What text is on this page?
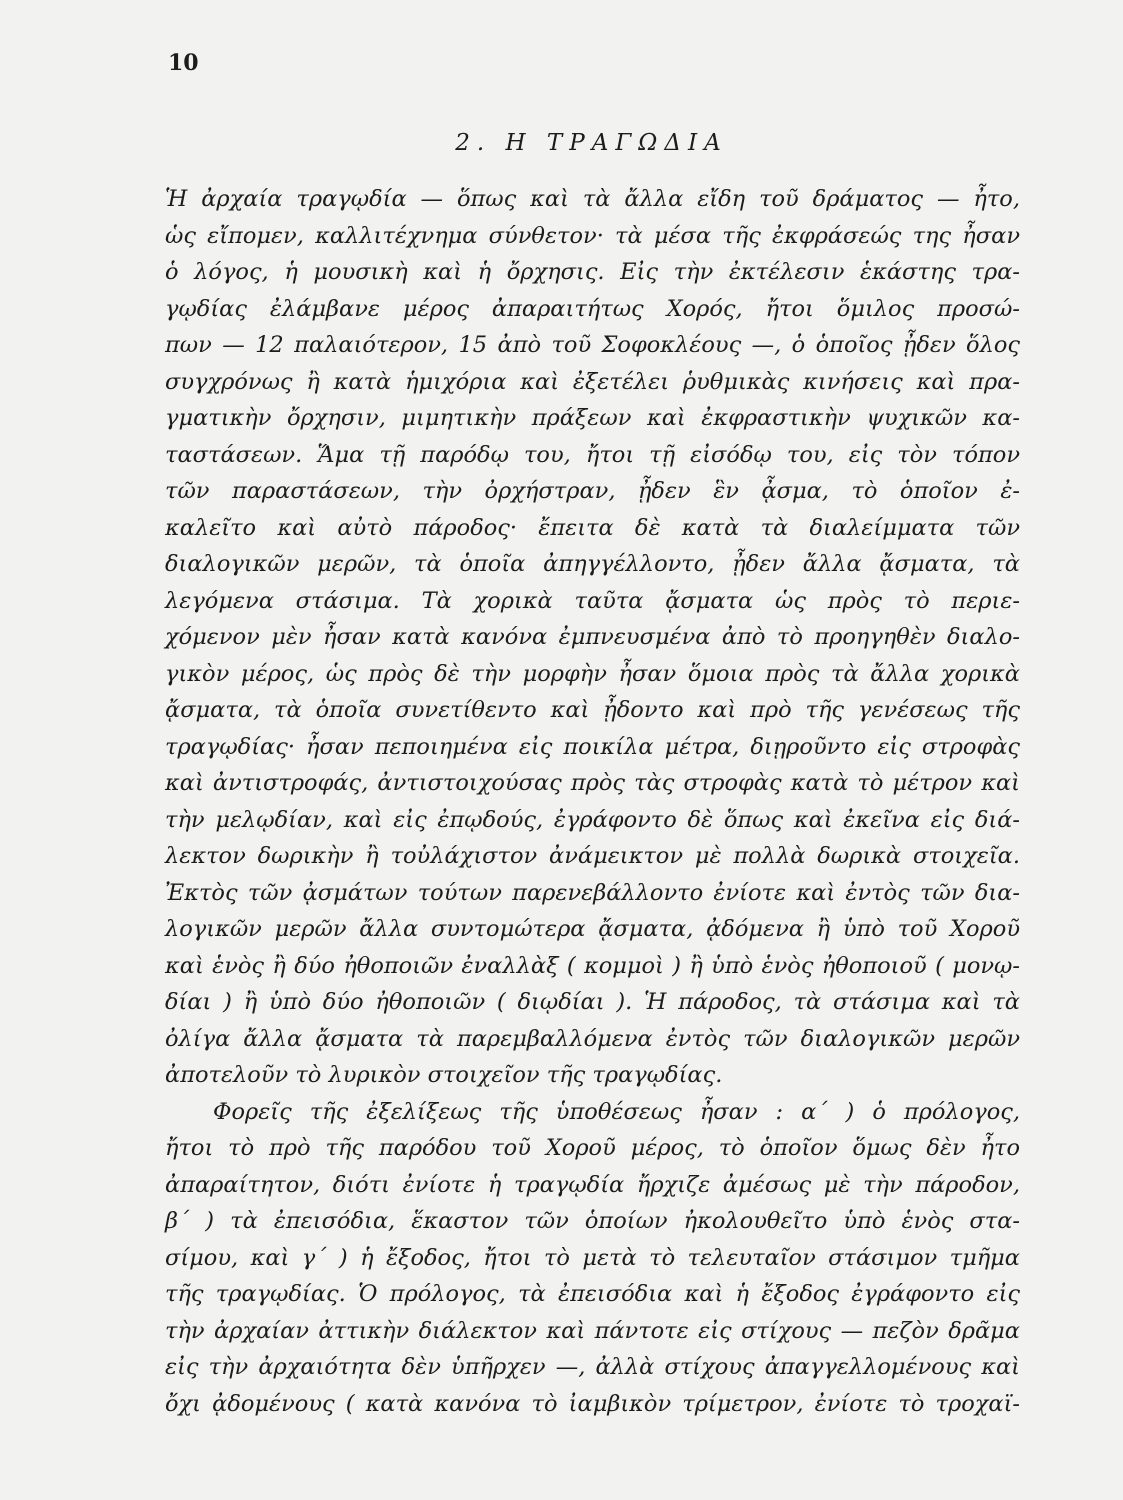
10
2. Η ΤΡΑΓΩΔΙΑ
Ἡ ἀρχαία τραγῳδία — ὅπως καὶ τὰ ἄλλα εἴδη τοῦ δράματος — ἦτο,
ὡς εἴπομεν, καλλιτέχνημα σύνθετον· τὰ μέσα τῆς ἐκφράσεώς της ἦσαν
ὁ λόγος, ἡ μουσικὴ καὶ ἡ ὄρχησις. Εἰς τὴν ἐκτέλεσιν ἑκάστης τρα-
γῳδίας ἐλάμβανε μέρος ἀπαραιτήτως Χορός, ἤτοι ὅμιλος προσώ-
πων — 12 παλαιότερον, 15 ἀπὸ τοῦ Σοφοκλέους —, ὁ ὁποῖος ᾖδεν ὅλος
συγχρόνως ἢ κατὰ ἡμιχόρια καὶ ἐξετέλει ῥυθμικὰς κινήσεις καὶ πρα-
γματικὴν ὄρχησιν, μιμητικὴν πράξεων καὶ ἐκφραστικὴν ψυχικῶν κα-
ταστάσεων. Ἅμα τῇ παρόδῳ του, ἤτοι τῇ εἰσόδῳ του, εἰς τὸν τόπον
τῶν παραστάσεων, τὴν ὀρχήστραν, ᾖδεν ἓν ᾆσμα, τὸ ὁποῖον ἐ-
καλεῖτο καὶ αὐτὸ πάροδος· ἔπειτα δὲ κατὰ τὰ διαλείμματα τῶν
διαλογικῶν μερῶν, τὰ ὁποῖα ἀπηγγέλλοντο, ᾖδεν ἄλλα ᾄσματα, τὰ
λεγόμενα στάσιμα. Τὰ χορικὰ ταῦτα ᾄσματα ὡς πρὸς τὸ περιε-
χόμενον μὲν ἦσαν κατὰ κανόνα ἐμπνευσμένα ἀπὸ τὸ προηγηθὲν διαλο-
γικὸν μέρος, ὡς πρὸς δὲ τὴν μορφὴν ἦσαν ὅμοια πρὸς τὰ ἄλλα χορικὰ
ᾄσματα, τὰ ὁποῖα συνετίθεντο καὶ ᾖδοντο καὶ πρὸ τῆς γενέσεως τῆς
τραγῳδίας· ἦσαν πεποιημένα εἰς ποικίλα μέτρα, διῃροῦντο εἰς στροφὰς
καὶ ἀντιστροφάς, ἀντιστοιχούσας πρὸς τὰς στροφὰς κατὰ τὸ μέτρον καὶ
τὴν μελῳδίαν, καὶ εἰς ἐπῳδούς, ἐγράφοντο δὲ ὅπως καὶ ἐκεῖνα εἰς διά-
λεκτον δωρικὴν ἢ τοὐλάχιστον ἀνάμεικτον μὲ πολλὰ δωρικὰ στοιχεῖα.
Ἐκτὸς τῶν ᾀσμάτων τούτων παρενεβάλλοντο ἐνίοτε καὶ ἐντὸς τῶν δια-
λογικῶν μερῶν ἄλλα συντομώτερα ᾄσματα, ᾀδόμενα ἢ ὑπὸ τοῦ Χοροῦ
καὶ ἑνὸς ἢ δύο ἠθοποιῶν ἐναλλὰξ ( κομμοὶ ) ἢ ὑπὸ ἑνὸς ἠθοποιοῦ ( μονῳ-
δίαι ) ἢ ὑπὸ δύο ἠθοποιῶν ( διῳδίαι ). Ἡ πάροδος, τὰ στάσιμα καὶ τὰ
ὀλίγα ἄλλα ᾄσματα τὰ παρεμβαλλόμενα ἐντὸς τῶν διαλογικῶν μερῶν
ἀποτελοῦν τὸ λυρικὸν στοιχεῖον τῆς τραγῳδίας.
Φορεῖς τῆς ἐξελίξεως τῆς ὑποθέσεως ἦσαν : α΄ ) ὁ πρόλογος,
ἤτοι τὸ πρὸ τῆς παρόδου τοῦ Χοροῦ μέρος, τὸ ὁποῖον ὅμως δὲν ἦτο
ἀπαραίτητον, διότι ἐνίοτε ἡ τραγῳδία ἤρχιζε ἀμέσως μὲ τὴν πάροδον,
β΄ ) τὰ ἐπεισόδια, ἕκαστον τῶν ὁποίων ἠκολουθεῖτο ὑπὸ ἑνὸς στα-
σίμου, καὶ γ΄ ) ἡ ἔξοδος, ἤτοι τὸ μετὰ τὸ τελευταῖον στάσιμον τμῆμα
τῆς τραγῳδίας. Ὁ πρόλογος, τὰ ἐπεισόδια καὶ ἡ ἔξοδος ἐγράφοντο εἰς
τὴν ἀρχαίαν ἀττικὴν διάλεκτον καὶ πάντοτε εἰς στίχους — πεζὸν δρᾶμα
εἰς τὴν ἀρχαιότητα δὲν ὑπῆρχεν —, ἀλλὰ στίχους ἀπαγγελλομένους καὶ
ὄχι ᾀδομένους ( κατὰ κανόνα τὸ ἰαμβικὸν τρίμετρον, ἐνίοτε τὸ τροχαϊ-
